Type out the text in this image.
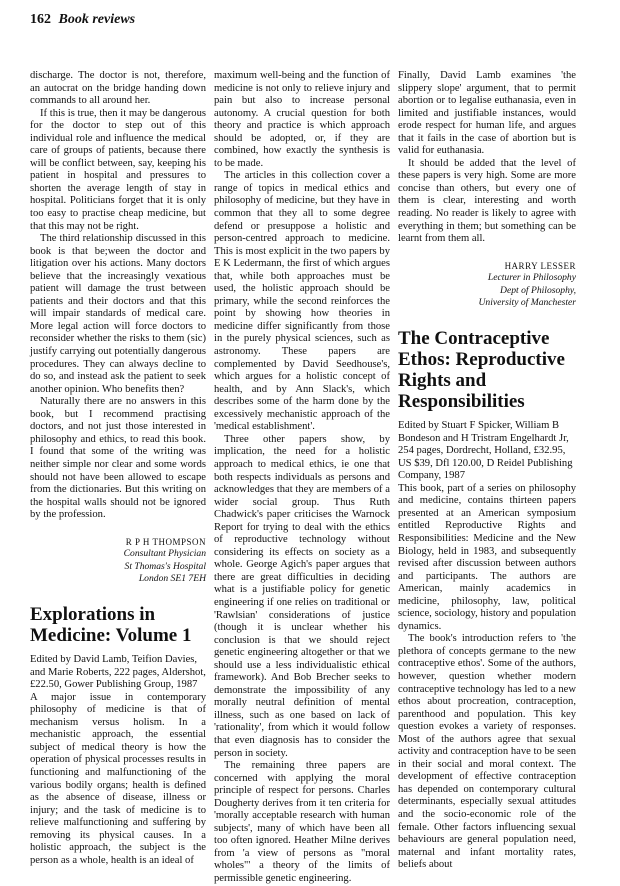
162 Book reviews

discharge. The doctor is not, therefore, an autocrat on the bridge handing down commands to all around her.

If this is true, then it may be dangerous for the doctor to step out of this individual role and influence the medical care of groups of patients, because there will be conflict between, say, keeping his patient in hospital and pressures to shorten the average length of stay in hospital. Politicians forget that it is only too easy to practise cheap medicine, but that this may not be right.

The third relationship discussed in this book is that be;ween the doctor and litigation over his actions. Many doctors believe that the increasingly vexatious patient will damage the trust between patients and their doctors and that this will impair standards of medical care. More legal action will force doctors to reconsider whether the risks to them (sic) justify carrying out potentially dangerous procedures. They can always decline to do so, and instead ask the patient to seek another opinion. Who benefits then?

Naturally there are no answers in this book, but I recommend practising doctors, and not just those interested in philosophy and ethics, to read this book. I found that some of the writing was neither simple nor clear and some words should not have been allowed to escape from the dictionaries. But this writing on the hospital walls should not be ignored by the profession.

R P H THOMPSON
Consultant Physician
St Thomas's Hospital
London SE1 7EH
Explorations in Medicine: Volume 1

Edited by David Lamb, Teifion Davies, and Marie Roberts, 222 pages, Aldershot, £22.50, Gower Publishing Group, 1987

A major issue in contemporary philosophy of medicine is that of mechanism versus holism. In a mechanistic approach, the essential subject of medical theory is how the operation of physical processes results in functioning and malfunctioning of the various bodily organs; health is defined as the absence of disease, illness or injury; and the task of medicine is to relieve malfunctioning and suffering by removing its physical causes. In a holistic approach, the subject is the person as a whole, health is an ideal of

maximum well-being and the function of medicine is not only to relieve injury and pain but also to increase personal autonomy. A crucial question for both theory and practice is which approach should be adopted, or, if they are combined, how exactly the synthesis is to be made.

The articles in this collection cover a range of topics in medical ethics and philosophy of medicine, but they have in common that they all to some degree defend or presuppose a holistic and person-centred approach to medicine. This is most explicit in the two papers by E K Ledermann, the first of which argues that, while both approaches must be used, the holistic approach should be primary, while the second reinforces the point by showing how theories in medicine differ significantly from those in the purely physical sciences, such as astronomy. These papers are complemented by David Seedhouse's, which argues for a holistic concept of health, and by Ann Slack's, which describes some of the harm done by the excessively mechanistic approach of the 'medical establishment'.

Three other papers show, by implication, the need for a holistic approach to medical ethics, ie one that both respects individuals as persons and acknowledges that they are members of a wider social group. Thus Ruth Chadwick's paper criticises the Warnock Report for trying to deal with the ethics of reproductive technology without considering its effects on society as a whole. George Agich's paper argues that there are great difficulties in deciding what is a justifiable policy for genetic engineering if one relies on traditional or 'Rawlsian' considerations of justice (though it is unclear whether his conclusion is that we should reject genetic engineering altogether or that we should use a less individualistic ethical framework). And Bob Brecher seeks to demonstrate the impossibility of any morally neutral definition of mental illness, such as one based on lack of 'rationality', from which it would follow that even diagnosis has to consider the person in society.

The remaining three papers are concerned with applying the moral principle of respect for persons. Charles Dougherty derives from it ten criteria for 'morally acceptable research with human subjects', many of which have been all too often ignored. Heather Milne derives from 'a view of persons as "moral wholes"' a theory of the limits of permissible genetic engineering.

Finally, David Lamb examines 'the slippery slope' argument, that to permit abortion or to legalise euthanasia, even in limited and justifiable instances, would erode respect for human life, and argues that it fails in the case of abortion but is valid for euthanasia.

It should be added that the level of these papers is very high. Some are more concise than others, but every one of them is clear, interesting and worth reading. No reader is likely to agree with everything in them; but something can be learnt from them all.

HARRY LESSER
Lecturer in Philosophy
Dept of Philosophy,
University of Manchester
The Contraceptive Ethos: Reproductive Rights and Responsibilities

Edited by Stuart F Spicker, William B Bondeson and H Tristram Engelhardt Jr, 254 pages, Dordrecht, Holland, £32.95, US $39, Dfl 120.00, D Reidel Publishing Company, 1987

This book, part of a series on philosophy and medicine, contains thirteen papers presented at an American symposium entitled Reproductive Rights and Responsibilities: Medicine and the New Biology, held in 1983, and subsequently revised after discussion between authors and participants. The authors are American, mainly academics in medicine, philosophy, law, political science, sociology, history and population dynamics.

The book's introduction refers to 'the plethora of concepts germane to the new contraceptive ethos'. Some of the authors, however, question whether modern contraceptive technology has led to a new ethos about procreation, contraception, parenthood and population. This key question evokes a variety of responses. Most of the authors agree that sexual activity and contraception have to be seen in their social and moral context. The development of effective contraception has depended on contemporary cultural determinants, especially sexual attitudes and the socio-economic role of the female. Other factors influencing sexual behaviours are general population need, maternal and infant mortality rates, beliefs about
